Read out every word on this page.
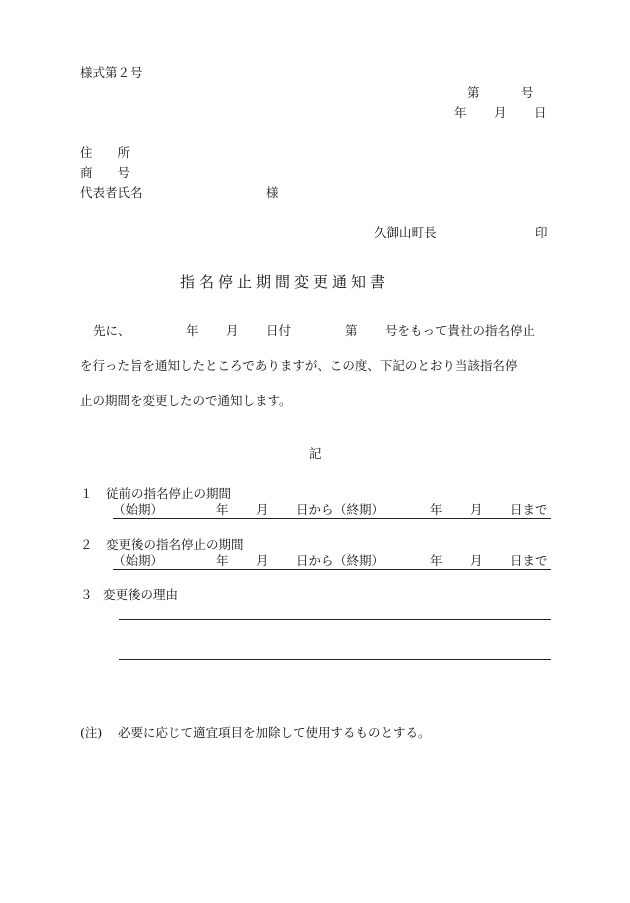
様式第２号
第	号
年 月 日
住　　所
商　　号
代表者氏名	様
久御山町長	印
指名停止期間変更通知書
先に、	年 月 日付	第 号をもって貴社の指名停止
を行った旨を通知したところでありますが、この度、下記のとおり当該指名停
止の期間を変更したので通知します。
記
１ 従前の指名停止の期間
（始期）	年 月 日から （終期）	年 月 日まで
２ 変更後の指名停止の期間
（始期）	年 月 日から （終期）	年 月 日まで
３ 変更後の理由
(注) 必要に応じて適宜項目を加除して使用するものとする。
